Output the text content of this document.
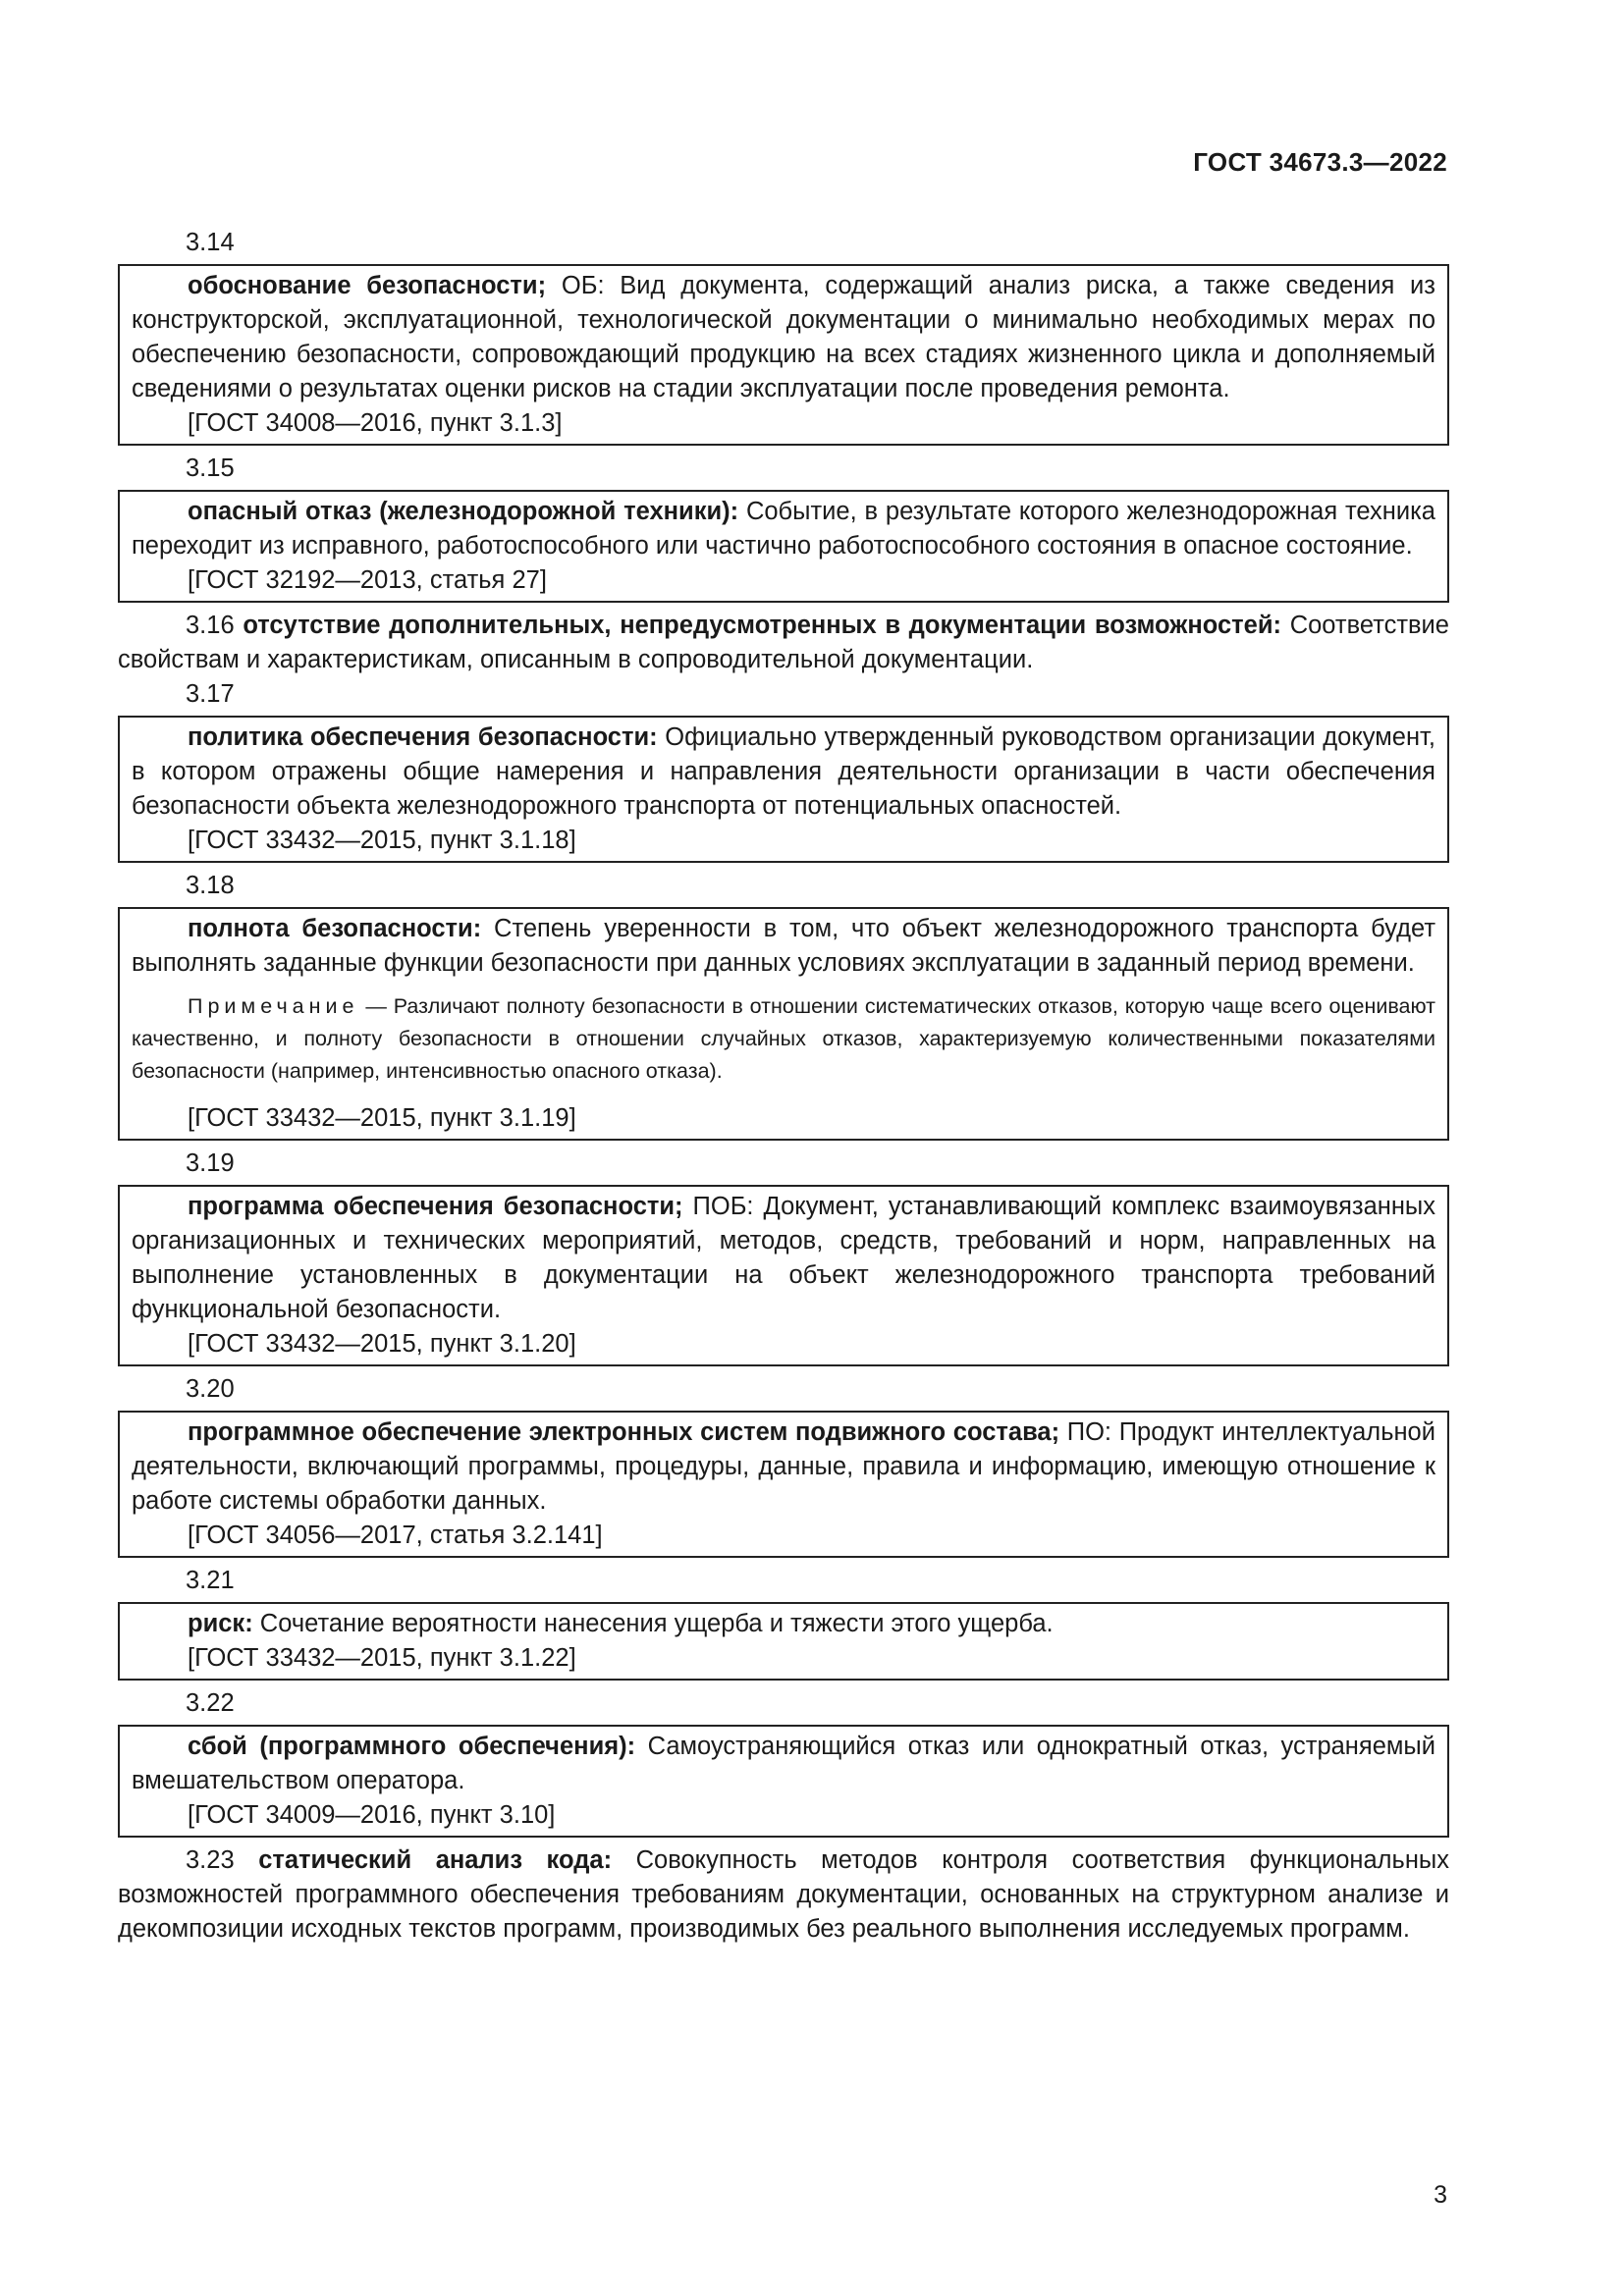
ГОСТ 34673.3—2022
3.14

обоснование безопасности; ОБ: Вид документа, содержащий анализ риска, а также сведения из конструкторской, эксплуатационной, технологической документации о минимально необходимых мерах по обеспечению безопасности, сопровождающий продукцию на всех стадиях жизненного цикла и дополняемый сведениями о результатах оценки рисков на стадии эксплуатации после проведения ремонта.

[ГОСТ 34008—2016, пункт 3.1.3]

3.15

опасный отказ (железнодорожной техники): Событие, в результате которого железнодорожная техника переходит из исправного, работоспособного или частично работоспособного состояния в опасное состояние.

[ГОСТ 32192—2013, статья 27]

3.16 отсутствие дополнительных, непредусмотренных в документации возможностей: Соответствие свойствам и характеристикам, описанным в сопроводительной документации.

3.17

политика обеспечения безопасности: Официально утвержденный руководством организации документ, в котором отражены общие намерения и направления деятельности организации в части обеспечения безопасности объекта железнодорожного транспорта от потенциальных опасностей.

[ГОСТ 33432—2015, пункт 3.1.18]

3.18

полнота безопасности: Степень уверенности в том, что объект железнодорожного транспорта будет выполнять заданные функции безопасности при данных условиях эксплуатации в заданный период времени.

Примечание — Различают полноту безопасности в отношении систематических отказов, которую чаще всего оценивают качественно, и полноту безопасности в отношении случайных отказов, характеризуемую количественными показателями безопасности (например, интенсивностью опасного отказа).

[ГОСТ 33432—2015, пункт 3.1.19]

3.19

программа обеспечения безопасности; ПОБ: Документ, устанавливающий комплекс взаимоувязанных организационных и технических мероприятий, методов, средств, требований и норм, направленных на выполнение установленных в документации на объект железнодорожного транспорта требований функциональной безопасности.

[ГОСТ 33432—2015, пункт 3.1.20]

3.20

программное обеспечение электронных систем подвижного состава; ПО: Продукт интеллектуальной деятельности, включающий программы, процедуры, данные, правила и информацию, имеющую отношение к работе системы обработки данных.

[ГОСТ 34056—2017, статья 3.2.141]

3.21

риск: Сочетание вероятности нанесения ущерба и тяжести этого ущерба.

[ГОСТ 33432—2015, пункт 3.1.22]

3.22

сбой (программного обеспечения): Самоустраняющийся отказ или однократный отказ, устраняемый вмешательством оператора.

[ГОСТ 34009—2016, пункт 3.10]

3.23 статический анализ кода: Совокупность методов контроля соответствия функциональных возможностей программного обеспечения требованиям документации, основанных на структурном анализе и декомпозиции исходных текстов программ, производимых без реального выполнения исследуемых программ.

3
